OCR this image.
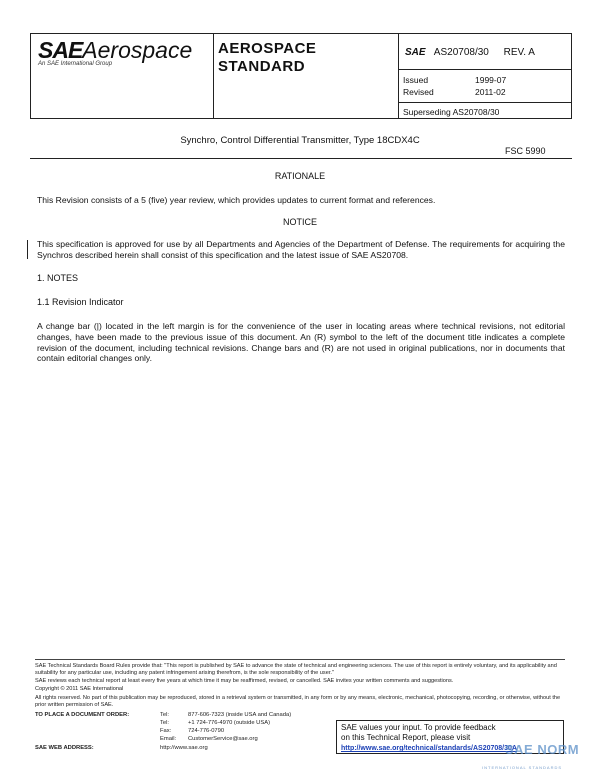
SAEAerospace
An SAE International Group
AEROSPACE
STANDARD
SAE AS20708/30 REV. A
Issued	1999-07
Revised	2011-02
Superseding AS20708/30
Synchro, Control Differential Transmitter, Type 18CDX4C
FSC 5990
RATIONALE
This Revision consists of a 5 (five) year review, which provides updates to current format and references.
NOTICE
This specification is approved for use by all Departments and Agencies of the Department of Defense. The requirements for acquiring the Synchros described herein shall consist of this specification and the latest issue of SAE AS20708.
1. NOTES
1.1 Revision Indicator
A change bar (|) located in the left margin is for the convenience of the user in locating areas where technical revisions, not editorial changes, have been made to the previous issue of this document. An (R) symbol to the left of the document title indicates a complete revision of the document, including technical revisions. Change bars and (R) are not used in original publications, nor in documents that contain editorial changes only.
SAE Technical Standards Board Rules provide that: "This report is published by SAE to advance the state of technical and engineering sciences. The use of this report is entirely voluntary, and its applicability and suitability for any particular use, including any patent infringement arising therefrom, is the sole responsibility of the user."
SAE reviews each technical report at least every five years at which time it may be reaffirmed, revised, or cancelled. SAE invites your written comments and suggestions.
Copyright © 2011 SAE International
All rights reserved. No part of this publication may be reproduced, stored in a retrieval system or transmitted, in any form or by any means, electronic, mechanical, photocopying, recording, or otherwise, without the prior written permission of SAE.
TO PLACE A DOCUMENT ORDER:	Tel:	877-606-7323 (inside USA and Canada)
Tel:	+1 724-776-4970 (outside USA)
Fax:	724-776-0790
Email: CustomerService@sae.org
SAE WEB ADDRESS:	http://www.sae.org
SAE values your input. To provide feedback
on this Technical Report, please visit
http://www.sae.org/technical/standards/AS20708/30A
SAE NORM
INTERNATIONAL STANDARDS
